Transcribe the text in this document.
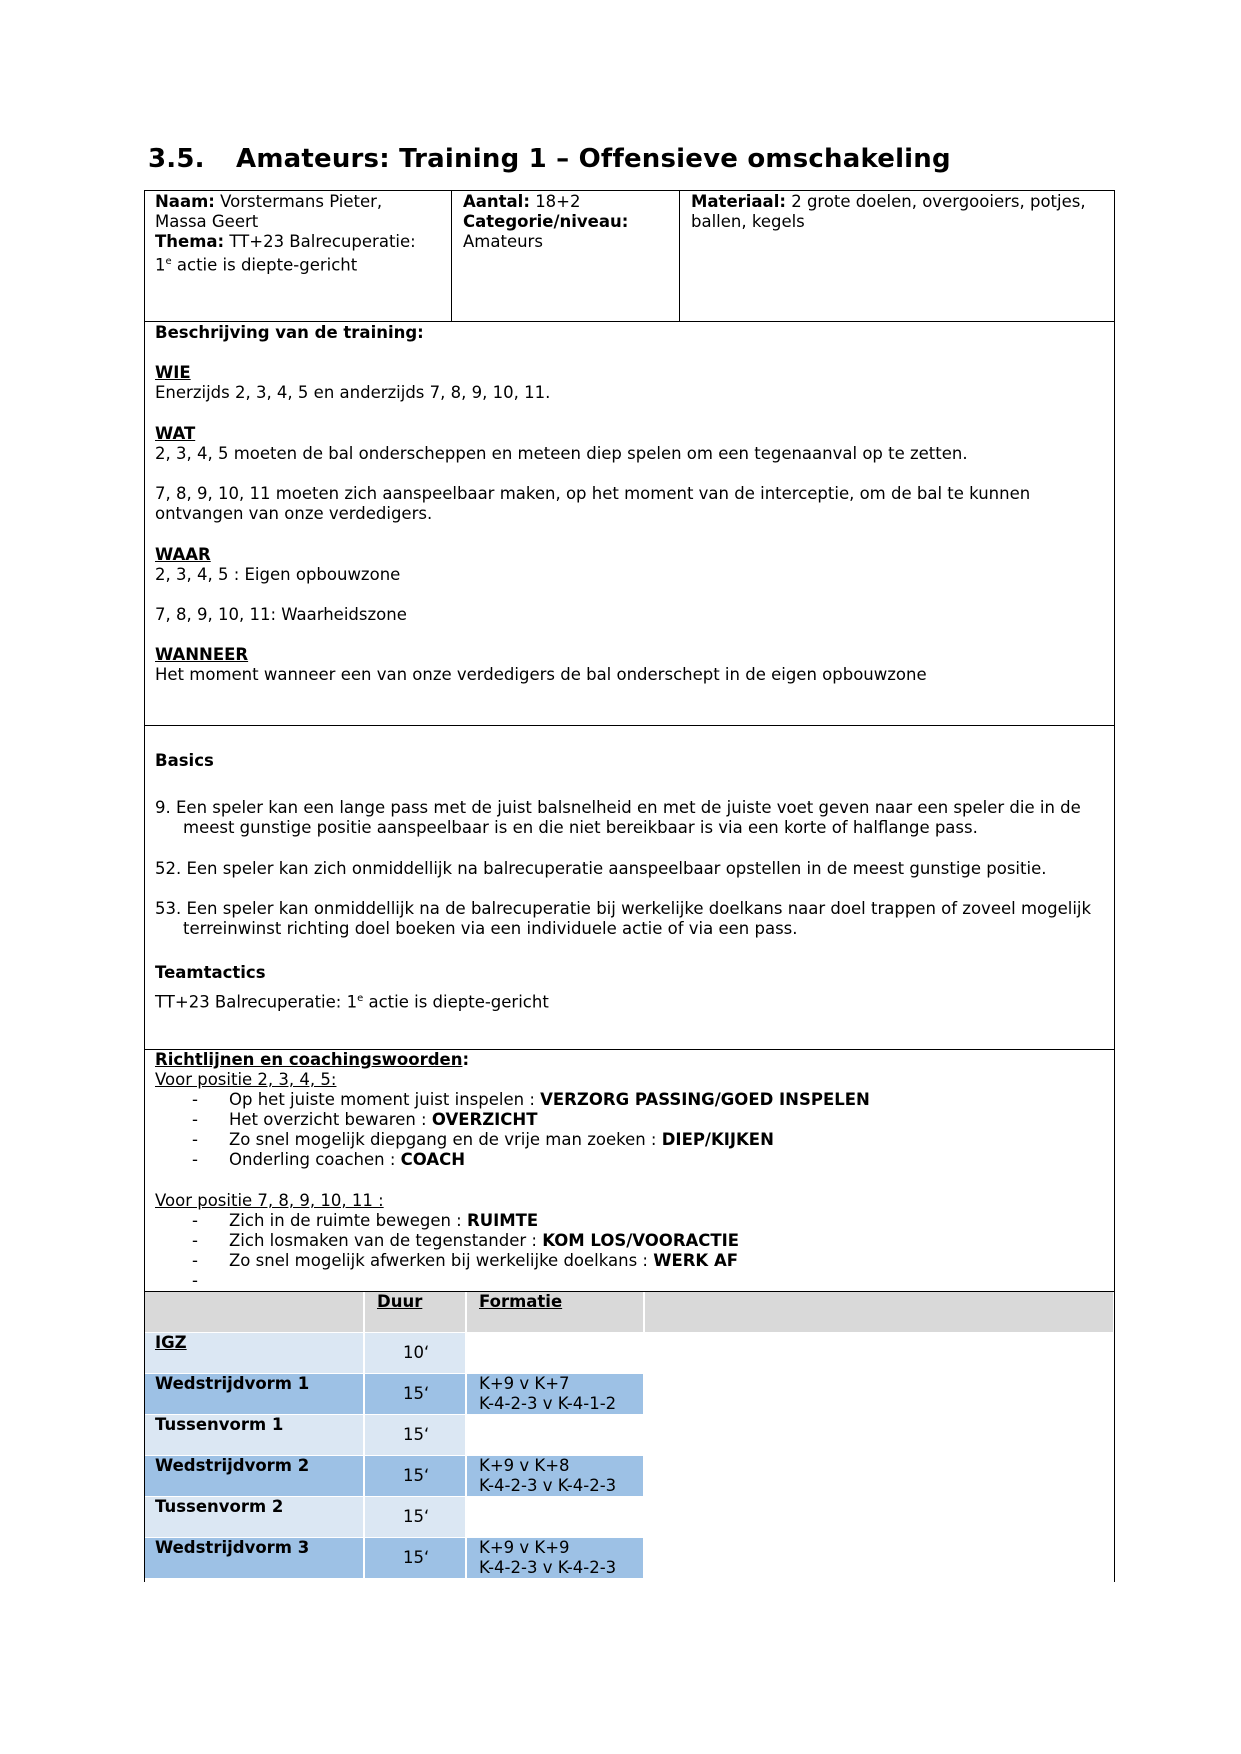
3.5. Amateurs: Training 1 – Offensieve omschakeling

Naam: Vorstermans Pieter,

Massa Geert

Thema: TT+23 Balrecuperatie:

1e actie is diepte-gericht

Aantal: 18+2

Categorie/niveau:

Amateurs

Materiaal: 2 grote doelen, overgooiers, potjes,

ballen, kegels

Beschrijving van de training:

WIE

Enerzijds 2, 3, 4, 5 en anderzijds 7, 8, 9, 10, 11.

WAT

2, 3, 4, 5 moeten de bal onderscheppen en meteen diep spelen om een tegenaanval op te zetten.

7, 8, 9, 10, 11 moeten zich aanspeelbaar maken, op het moment van de interceptie, om de bal te kunnen

ontvangen van onze verdedigers.

WAAR

2, 3, 4, 5 : Eigen opbouwzone

7, 8, 9, 10, 11: Waarheidszone

WANNEER

Het moment wanneer een van onze verdedigers de bal onderschept in de eigen opbouwzone

Basics

9. Een speler kan een lange pass met de juist balsnelheid en met de juiste voet geven naar een speler die in de

meest gunstige positie aanspeelbaar is en die niet bereikbaar is via een korte of halflange pass.

52. Een speler kan zich onmiddellijk na balrecuperatie aanspeelbaar opstellen in de meest gunstige positie.

53. Een speler kan onmiddellijk na de balrecuperatie bij werkelijke doelkans naar doel trappen of zoveel mogelijk

terreinwinst richting doel boeken via een individuele actie of via een pass.

Teamtactics

TT+23 Balrecuperatie: 1e actie is diepte-gericht

Richtlijnen en coachingswoorden:

Voor positie 2, 3, 4, 5:

- Op het juiste moment juist inspelen : VERZORG PASSING/GOED INSPELEN
- Het overzicht bewaren : OVERZICHT
- Zo snel mogelijk diepgang en de vrije man zoeken : DIEP/KIJKEN
- Onderling coachen : COACH

Voor positie 7, 8, 9, 10, 11 :

- Zich in de ruimte bewegen : RUIMTE
- Zich losmaken van de tegenstander : KOM LOS/VOORACTIE
- Zo snel mogelijk afwerken bij werkelijke doelkans : WERK AF
-
Duur	Formatie
IGZ
10‘
Wedstrijdvorm 1
15‘
K+9 v K+7
K-4-2-3 v K-4-1-2
Tussenvorm 1
15‘
Wedstrijdvorm 2
15‘
K+9 v K+8
K-4-2-3 v K-4-2-3
Tussenvorm 2
15‘
Wedstrijdvorm 3
15‘
K+9 v K+9
K-4-2-3 v K-4-2-3
